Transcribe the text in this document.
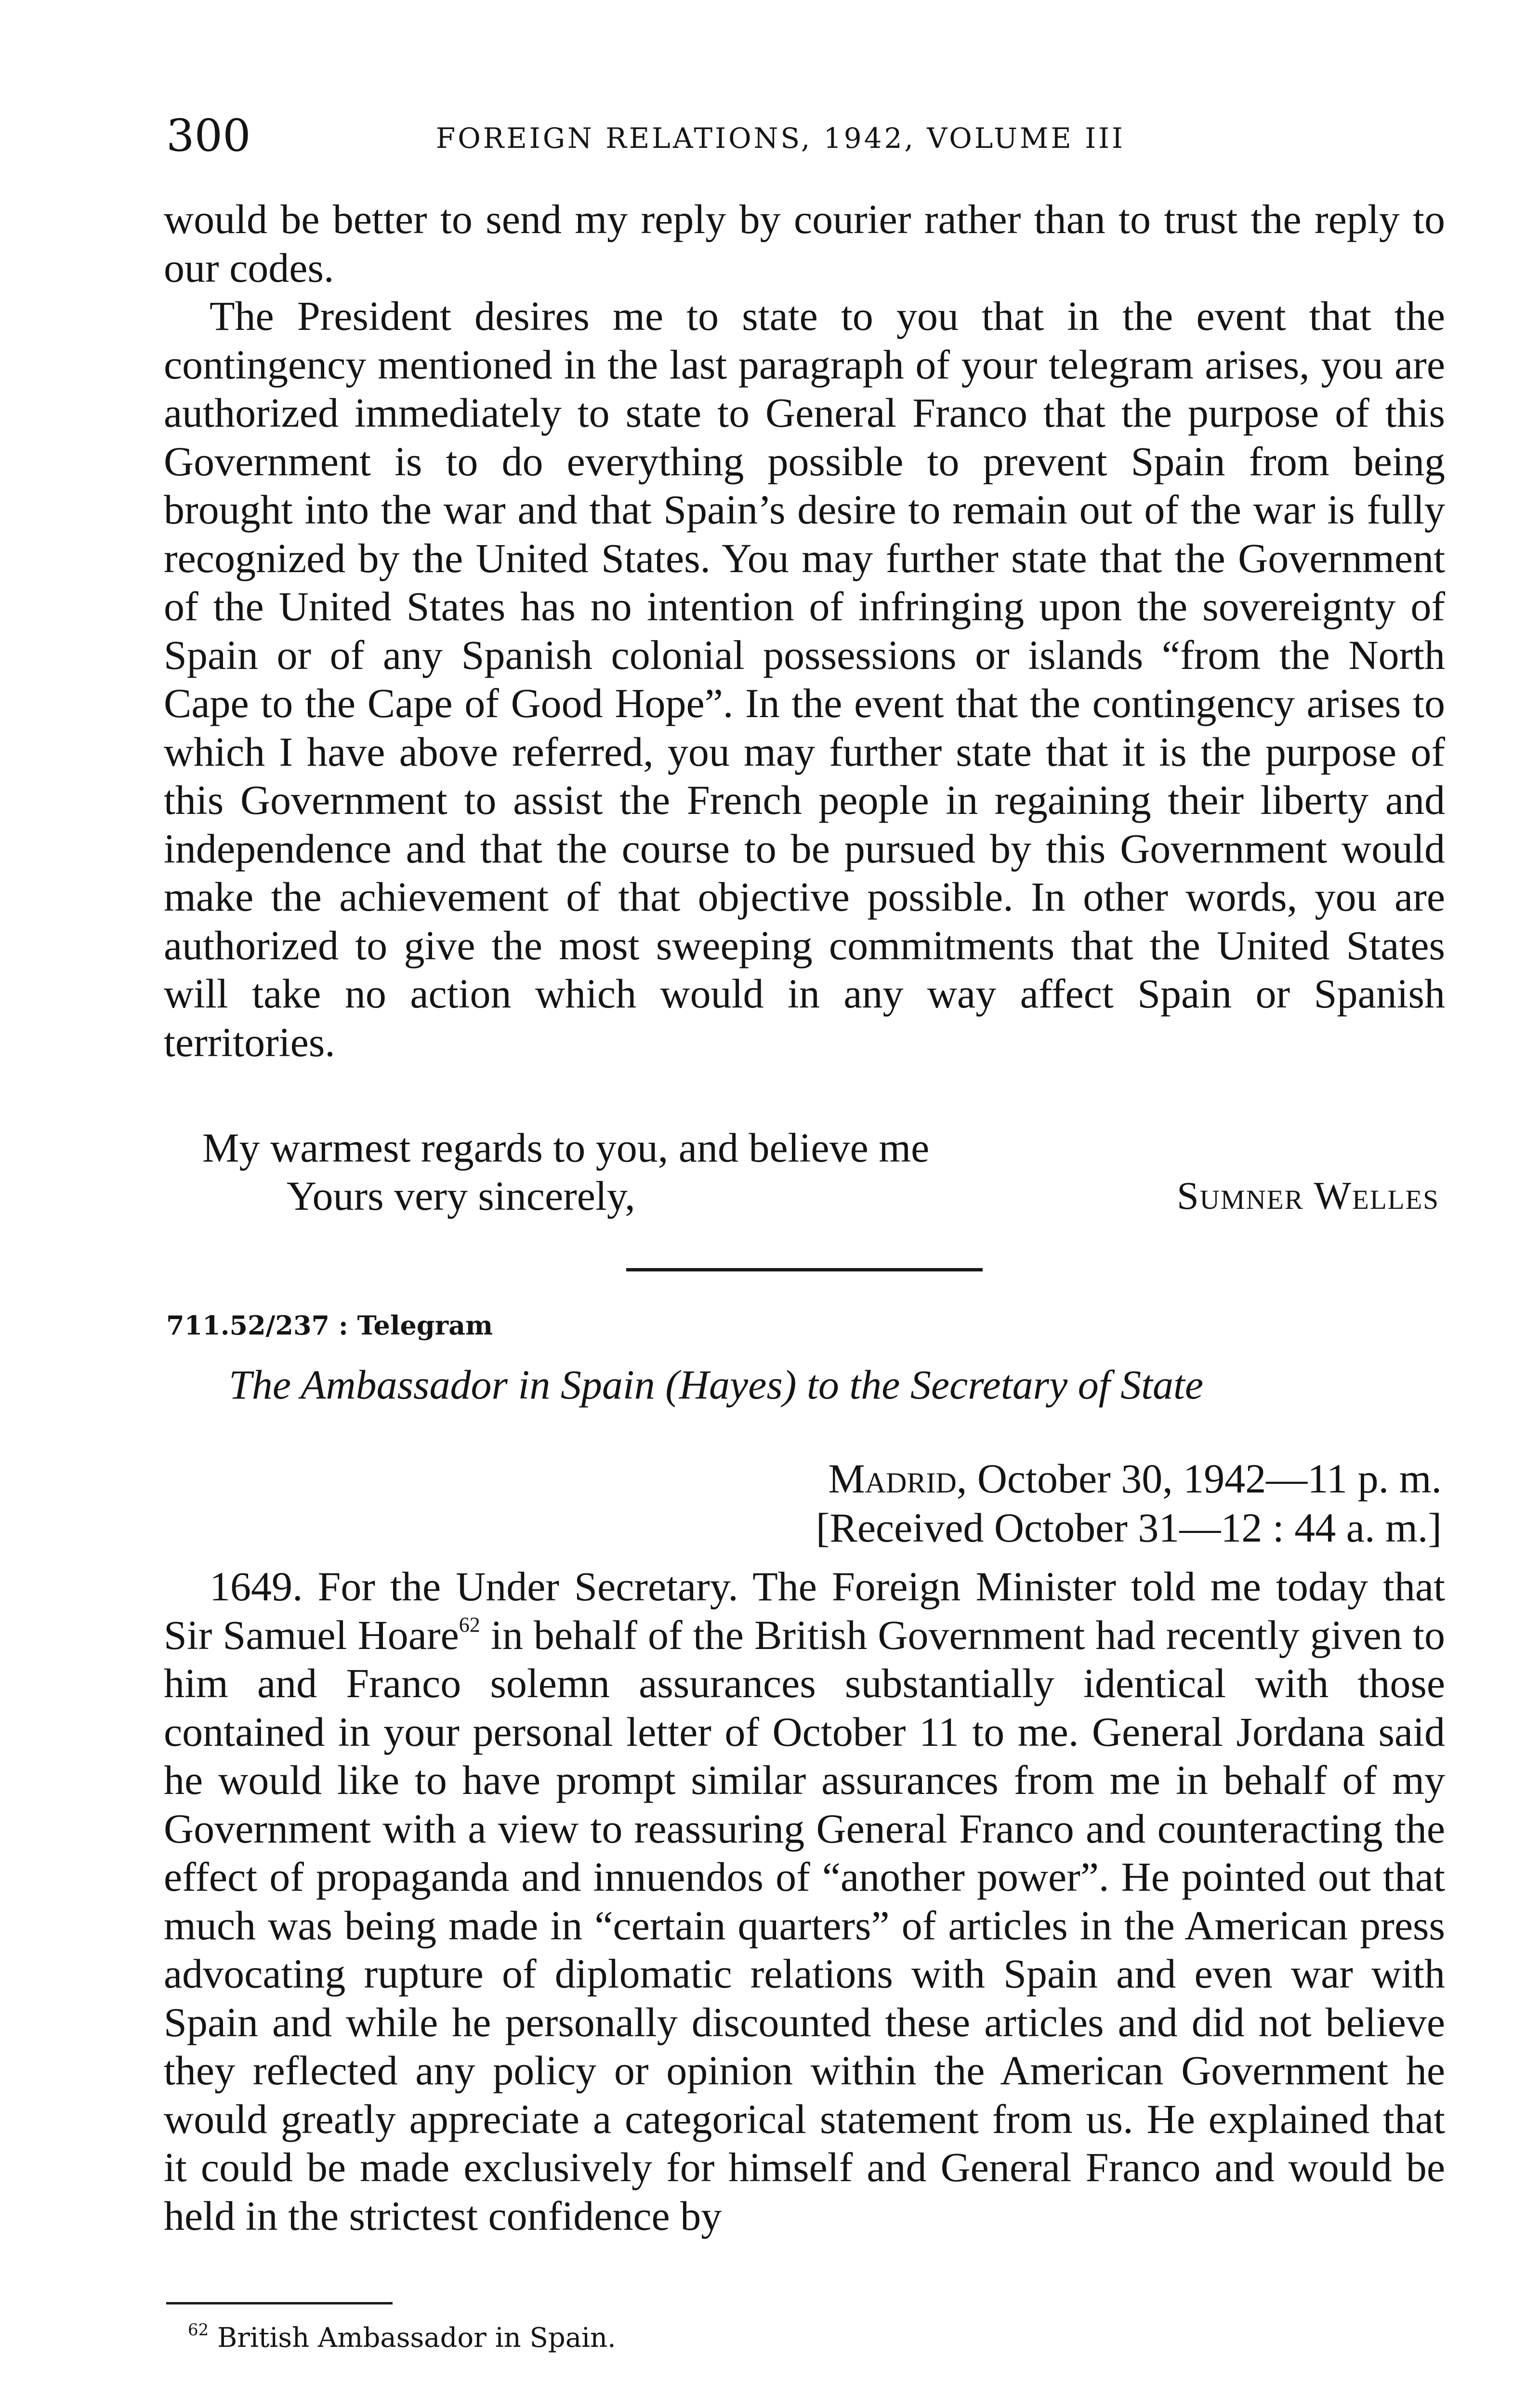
300	FOREIGN RELATIONS, 1942, VOLUME III

would be better to send my reply by courier rather than to trust the reply to our codes.

The President desires me to state to you that in the event that the contingency mentioned in the last paragraph of your telegram arises, you are authorized immediately to state to General Franco that the purpose of this Government is to do everything possible to prevent Spain from being brought into the war and that Spain’s desire to remain out of the war is fully recognized by the United States. You may further state that the Government of the United States has no intention of infringing upon the sovereignty of Spain or of any Spanish colonial possessions or islands “from the North Cape to the Cape of Good Hope”. In the event that the contingency arises to which I have above referred, you may further state that it is the purpose of this Government to assist the French people in regaining their liberty and independence and that the course to be pursued by this Government would make the achievement of that objective possible. In other words, you are authorized to give the most sweeping commitments that the United States will take no action which would in any way affect Spain or Spanish territories.

My warmest regards to you, and believe me
Yours very sincerely,	Sumner Welles
711.52/237 : Telegram
The Ambassador in Spain (Hayes) to the Secretary of State
Madrid, October 30, 1942—11 p. m.
[Received October 31—12 : 44 a. m.]

1649. For the Under Secretary. The Foreign Minister told me today that Sir Samuel Hoare$^{62}$ in behalf of the British Government had recently given to him and Franco solemn assurances substantially identical with those contained in your personal letter of October 11 to me. General Jordana said he would like to have prompt similar assurances from me in behalf of my Government with a view to reassuring General Franco and counteracting the effect of propaganda and innuendos of “another power”. He pointed out that much was being made in “certain quarters” of articles in the American press advocating rupture of diplomatic relations with Spain and even war with Spain and while he personally discounted these articles and did not believe they reflected any policy or opinion within the American Government he would greatly appreciate a categorical statement from us. He explained that it could be made exclusively for himself and General Franco and would be held in the strictest confidence by

$^{62}$ British Ambassador in Spain.
